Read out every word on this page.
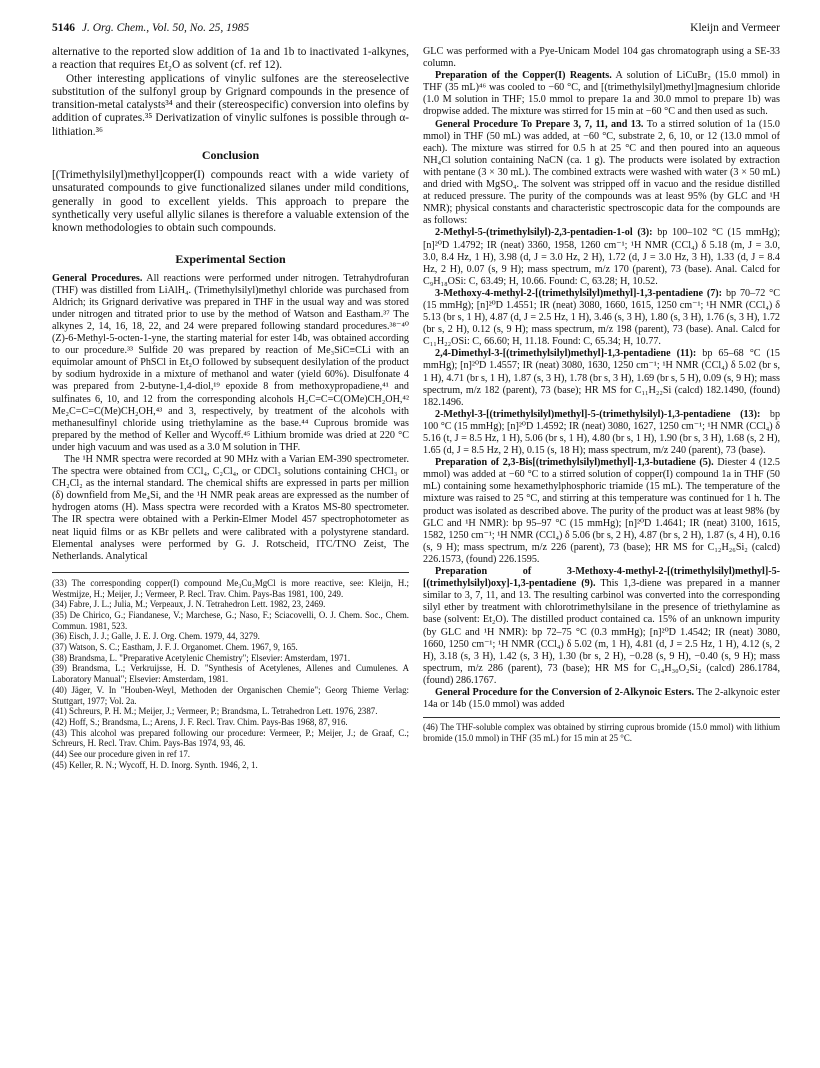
5146 J. Org. Chem., Vol. 50, No. 25, 1985	Kleijn and Vermeer

alternative to the reported slow addition of 1a and 1b to inactivated 1-alkynes, a reaction that requires Et₂O as solvent (cf. ref 12).

Other interesting applications of vinylic sulfones are the stereoselective substitution of the sulfonyl group by Grignard compounds in the presence of transition-metal catalysts³⁴ and their (stereospecific) conversion into olefins by addition of cuprates.³⁵ Derivatization of vinylic sulfones is possible through α-lithiation.³⁶

Conclusion

[(Trimethylsilyl)methyl]copper(I) compounds react with a wide variety of unsaturated compounds to give functionalized silanes under mild conditions, generally in good to excellent yields. This approach to prepare the synthetically very useful allylic silanes is therefore a valuable extension of the known methodologies to obtain such compounds.

Experimental Section

General Procedures. All reactions were performed under nitrogen. Tetrahydrofuran (THF) was distilled from LiAlH₄. (Trimethylsilyl)methyl chloride was purchased from Aldrich; its Grignard derivative was prepared in THF in the usual way and was stored under nitrogen and titrated prior to use by the method of Watson and Eastham.³⁷ The alkynes 2, 14, 16, 18, 22, and 24 were prepared following standard procedures.³⁸⁻⁴⁰ (Z)-6-Methyl-5-octen-1-yne, the starting material for ester 14b, was obtained according to our procedure.³³ Sulfide 20 was prepared by reaction of Me₃SiC≡CLi with an equimolar amount of PhSCl in Et₂O followed by subsequent desilylation of the product by sodium hydroxide in a mixture of methanol and water (yield 60%). Disulfonate 4 was prepared from 2-butyne-1,4-diol,¹⁹ epoxide 8 from methoxypropadiene,⁴¹ and sulfinates 6, 10, and 12 from the corresponding alcohols H₂C=C=C(OMe)CH₂OH,⁴² Me₂C=C=C(Me)CH₂OH,⁴³ and 3, respectively, by treatment of the alcohols with methanesulfinyl chloride using triethylamine as the base.⁴⁴ Cuprous bromide was prepared by the method of Keller and Wycoff.⁴⁵ Lithium bromide was dried at 220 °C under high vacuum and was used as a 3.0 M solution in THF.

The ¹H NMR spectra were recorded at 90 MHz with a Varian EM-390 spectrometer. The spectra were obtained from CCl₄, C₂Cl₄, or CDCl₃ solutions containing CHCl₃ or CH₂Cl₂ as the internal standard. The chemical shifts are expressed in parts per million (δ) downfield from Me₄Si, and the ¹H NMR peak areas are expressed as the number of hydrogen atoms (H). Mass spectra were recorded with a Kratos MS-80 spectrometer. The IR spectra were obtained with a Perkin-Elmer Model 457 spectrophotometer as neat liquid films or as KBr pellets and were calibrated with a polystyrene standard. Elemental analyses were performed by G. J. Rotscheid, ITC/TNO Zeist, The Netherlands. Analytical

(33) The corresponding copper(I) compound Me₃Cu₂MgCl is more reactive, see: Kleijn, H.; Westmijze, H.; Meijer, J.; Vermeer, P. Recl. Trav. Chim. Pays-Bas 1981, 100, 249.
(34) Fabre, J. L.; Julia, M.; Verpeaux, J. N. Tetrahedron Lett. 1982, 23, 2469.
(35) De Chirico, G.; Fiandanese, V.; Marchese, G.; Naso, F.; Sciacovelli, O. J. Chem. Soc., Chem. Commun. 1981, 523.
(36) Eisch, J. J.; Galle, J. E. J. Org. Chem. 1979, 44, 3279.
(37) Watson, S. C.; Eastham, J. F. J. Organomet. Chem. 1967, 9, 165.
(38) Brandsma, L. "Preparative Acetylenic Chemistry"; Elsevier: Amsterdam, 1971.
(39) Brandsma, L.; Verkruijsse, H. D. "Synthesis of Acetylenes, Allenes and Cumulenes. A Laboratory Manual"; Elsevier: Amsterdam, 1981.
(40) Jäger, V. In "Houben-Weyl, Methoden der Organischen Chemie"; Georg Thieme Verlag: Stuttgart, 1977; Vol. 2a.
(41) Schreurs, P. H. M.; Meijer, J.; Vermeer, P.; Brandsma, L. Tetrahedron Lett. 1976, 2387.
(42) Hoff, S.; Brandsma, L.; Arens, J. F. Recl. Trav. Chim. Pays-Bas 1968, 87, 916.
(43) This alcohol was prepared following our procedure: Vermeer, P.; Meijer, J.; de Graaf, C.; Schreurs, H. Recl. Trav. Chim. Pays-Bas 1974, 93, 46.
(44) See our procedure given in ref 17.
(45) Keller, R. N.; Wycoff, H. D. Inorg. Synth. 1946, 2, 1.

GLC was performed with a Pye-Unicam Model 104 gas chromatograph using a SE-33 column.

Preparation of the Copper(I) Reagents. A solution of LiCuBr₂ (15.0 mmol) in THF (35 mL)⁴⁶ was cooled to −60 °C, and [(trimethylsilyl)methyl]magnesium chloride (1.0 M solution in THF; 15.0 mmol to prepare 1a and 30.0 mmol to prepare 1b) was dropwise added. The mixture was stirred for 15 min at −60 °C and then used as such.

General Procedure To Prepare 3, 7, 11, and 13. To a stirred solution of 1a (15.0 mmol) in THF (50 mL) was added, at −60 °C, substrate 2, 6, 10, or 12 (13.0 mmol of each). The mixture was stirred for 0.5 h at 25 °C and then poured into an aqueous NH₄Cl solution containing NaCN (ca. 1 g). The products were isolated by extraction with pentane (3 × 30 mL). The combined extracts were washed with water (3 × 50 mL) and dried with MgSO₄. The solvent was stripped off in vacuo and the residue distilled at reduced pressure. The purity of the compounds was at least 95% (by GLC and ¹H NMR); physical constants and characteristic spectroscopic data for the compounds are as follows:

2-Methyl-5-(trimethylsilyl)-2,3-pentadien-1-ol (3): bp 100–102 °C (15 mmHg); [n]²⁰D 1.4792; IR (neat) 3360, 1958, 1260 cm⁻¹; ¹H NMR (CCl₄) δ 5.18 (m, J = 3.0, 3.0, 8.4 Hz, 1 H), 3.98 (d, J = 3.0 Hz, 2 H), 1.72 (d, J = 3.0 Hz, 3 H), 1.33 (d, J = 8.4 Hz, 2 H), 0.07 (s, 9 H); mass spectrum, m/z 170 (parent), 73 (base). Anal. Calcd for C₉H₁₈OSi: C, 63.49; H, 10.66. Found: C, 63.28; H, 10.52.

3-Methoxy-4-methyl-2-[(trimethylsilyl)methyl]-1,3-pentadiene (7): bp 70–72 °C (15 mmHg); [n]²⁰D 1.4551; IR (neat) 3080, 1660, 1615, 1250 cm⁻¹; ¹H NMR (CCl₄) δ 5.13 (br s, 1 H), 4.87 (d, J = 2.5 Hz, 1 H), 3.46 (s, 3 H), 1.80 (s, 3 H), 1.76 (s, 3 H), 1.72 (br s, 2 H), 0.12 (s, 9 H); mass spectrum, m/z 198 (parent), 73 (base). Anal. Calcd for C₁₁H₂₂OSi: C, 66.60; H, 11.18. Found: C, 65.34; H, 10.77.

2,4-Dimethyl-3-[(trimethylsilyl)methyl]-1,3-pentadiene (11): bp 65–68 °C (15 mmHg); [n]²⁰D 1.4557; IR (neat) 3080, 1630, 1250 cm⁻¹; ¹H NMR (CCl₄) δ 5.02 (br s, 1 H), 4.71 (br s, 1 H), 1.87 (s, 3 H), 1.78 (br s, 3 H), 1.69 (br s, 5 H), 0.09 (s, 9 H); mass spectrum, m/z 182 (parent), 73 (base); HR MS for C₁₁H₂₂Si (calcd) 182.1490, (found) 182.1496.

2-Methyl-3-[(trimethylsilyl)methyl]-5-(trimethylsilyl)-1,3-pentadiene (13): bp 100 °C (15 mmHg); [n]²⁰D 1.4592; IR (neat) 3080, 1627, 1250 cm⁻¹; ¹H NMR (CCl₄) δ 5.16 (t, J = 8.5 Hz, 1 H), 5.06 (br s, 1 H), 4.80 (br s, 1 H), 1.90 (br s, 3 H), 1.68 (s, 2 H), 1.65 (d, J = 8.5 Hz, 2 H), 0.15 (s, 18 H); mass spectrum, m/z 240 (parent), 73 (base).

Preparation of 2,3-Bis[(trimethylsilyl)methyl]-1,3-butadiene (5). Diester 4 (12.5 mmol) was added at −60 °C to a stirred solution of copper(I) compound 1a in THF (50 mL) containing some hexamethylphosphoric triamide (15 mL). The temperature of the mixture was raised to 25 °C, and stirring at this temperature was continued for 1 h. The product was isolated as described above. The purity of the product was at least 98% (by GLC and ¹H NMR): bp 95–97 °C (15 mmHg); [n]²⁰D 1.4641; IR (neat) 3100, 1615, 1582, 1250 cm⁻¹; ¹H NMR (CCl₄) δ 5.06 (br s, 2 H), 4.87 (br s, 2 H), 1.87 (s, 4 H), 0.16 (s, 9 H); mass spectrum, m/z 226 (parent), 73 (base); HR MS for C₁₂H₂₆Si₂ (calcd) 226.1573, (found) 226.1595.

Preparation of 3-Methoxy-4-methyl-2-[(trimethylsilyl)methyl]-5-[(trimethylsilyl)oxy]-1,3-pentadiene (9). This 1,3-diene was prepared in a manner similar to 3, 7, 11, and 13. The resulting carbinol was converted into the corresponding silyl ether by treatment with chlorotrimethylsilane in the presence of triethylamine as base (solvent: Et₂O). The distilled product contained ca. 15% of an unknown impurity (by GLC and ¹H NMR): bp 72–75 °C (0.3 mmHg); [n]²⁰D 1.4542; IR (neat) 3080, 1660, 1250 cm⁻¹; ¹H NMR (CCl₄) δ 5.02 (m, 1 H), 4.81 (d, J = 2.5 Hz, 1 H), 4.12 (s, 2 H), 3.18 (s, 3 H), 1.42 (s, 3 H), 1.30 (br s, 2 H), −0.28 (s, 9 H), −0.40 (s, 9 H); mass spectrum, m/z 286 (parent), 73 (base); HR MS for C₁₄H₃₀O₂Si₂ (calcd) 286.1784, (found) 286.1767.

General Procedure for the Conversion of 2-Alkynoic Esters. The 2-alkynoic ester 14a or 14b (15.0 mmol) was added

(46) The THF-soluble complex was obtained by stirring cuprous bromide (15.0 mmol) with lithium bromide (15.0 mmol) in THF (35 mL) for 15 min at 25 °C.
